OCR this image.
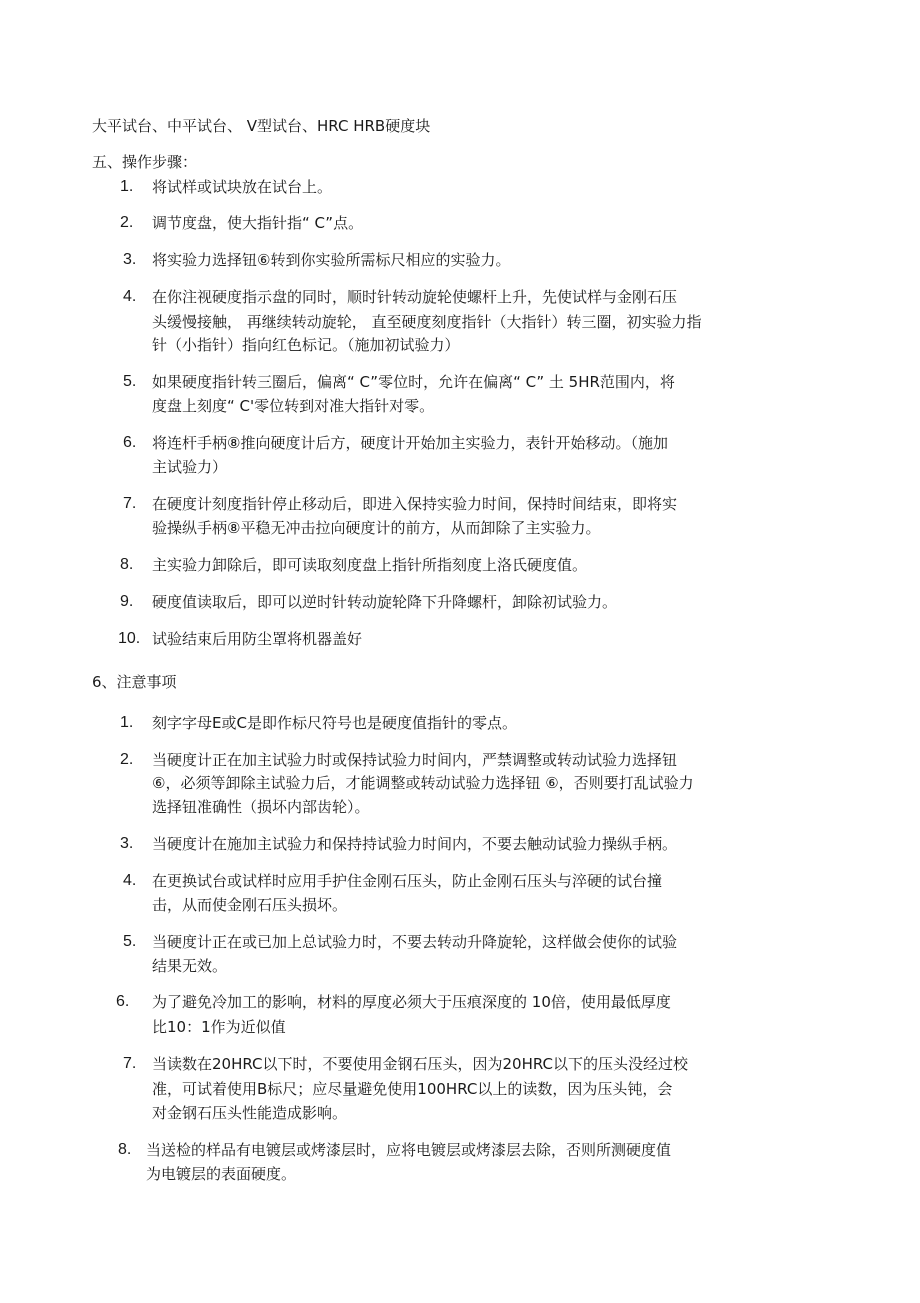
大平试台、中平试台、 V型试台、HRC HRB硬度块
五、操作步骤：
1. 将试样或试块放在试台上。
2. 调节度盘，使大指针指“ C”点。
3. 将实验力选择钮⑥转到你实验所需标尺相应的实验力。
4. 在你注视硬度指示盘的同时，顺时针转动旋轮使螺杆上升，先使试样与金刚石压
头缓慢接触， 再继续转动旋轮， 直至硬度刻度指针（大指针）转三圈，初实验力指
针（小指针）指向红色标记。（施加初试验力）
5. 如果硬度指针转三圈后，偏离“ C”零位时，允许在偏离“ C” 土 5HR范围内，将
度盘上刻度“ C'零位转到对准大指针对零。
6. 将连杆手柄⑧推向硬度计后方，硬度计开始加主实验力，表针开始移动。（施加
主试验力）
7. 在硬度计刻度指针停止移动后，即进入保持实验力时间，保持时间结束，即将实
验操纵手柄⑧平稳无冲击拉向硬度计的前方，从而卸除了主实验力。
8. 主实验力卸除后，即可读取刻度盘上指针所指刻度上洛氏硬度值。
9. 硬度值读取后，即可以逆时针转动旋轮降下升降螺杆，卸除初试验力。
10. 试验结束后用防尘罩将机器盖好
6、注意事项
1. 刻字字母E或C是即作标尺符号也是硬度值指针的零点。
2. 当硬度计正在加主试验力时或保持试验力时间内，严禁调整或转动试验力选择钮
⑥，必须等卸除主试验力后，才能调整或转动试验力选择钮 ⑥，否则要打乱试验力
选择钮准确性（损坏内部齿轮）。
3. 当硬度计在施加主试验力和保持持试验力时间内，不要去触动试验力操纵手柄。
4. 在更换试台或试样时应用手护住金刚石压头，防止金刚石压头与淬硬的试台撞
击，从而使金刚石压头损坏。
5. 当硬度计正在或已加上总试验力时，不要去转动升降旋轮，这样做会使你的试验
结果无效。
6. 为了避免冷加工的影响，材料的厚度必须大于压痕深度的 10倍，使用最低厚度
比10：1作为近似值
7. 当读数在20HRC以下时，不要使用金钢石压头，因为20HRC以下的压头没经过校
准，可试着使用B标尺；应尽量避免使用100HRC以上的读数，因为压头钝，会
对金钢石压头性能造成影响。
8. 当送检的样品有电镀层或烤漆层时，应将电镀层或烤漆层去除，否则所测硬度值
为电镀层的表面硬度。
